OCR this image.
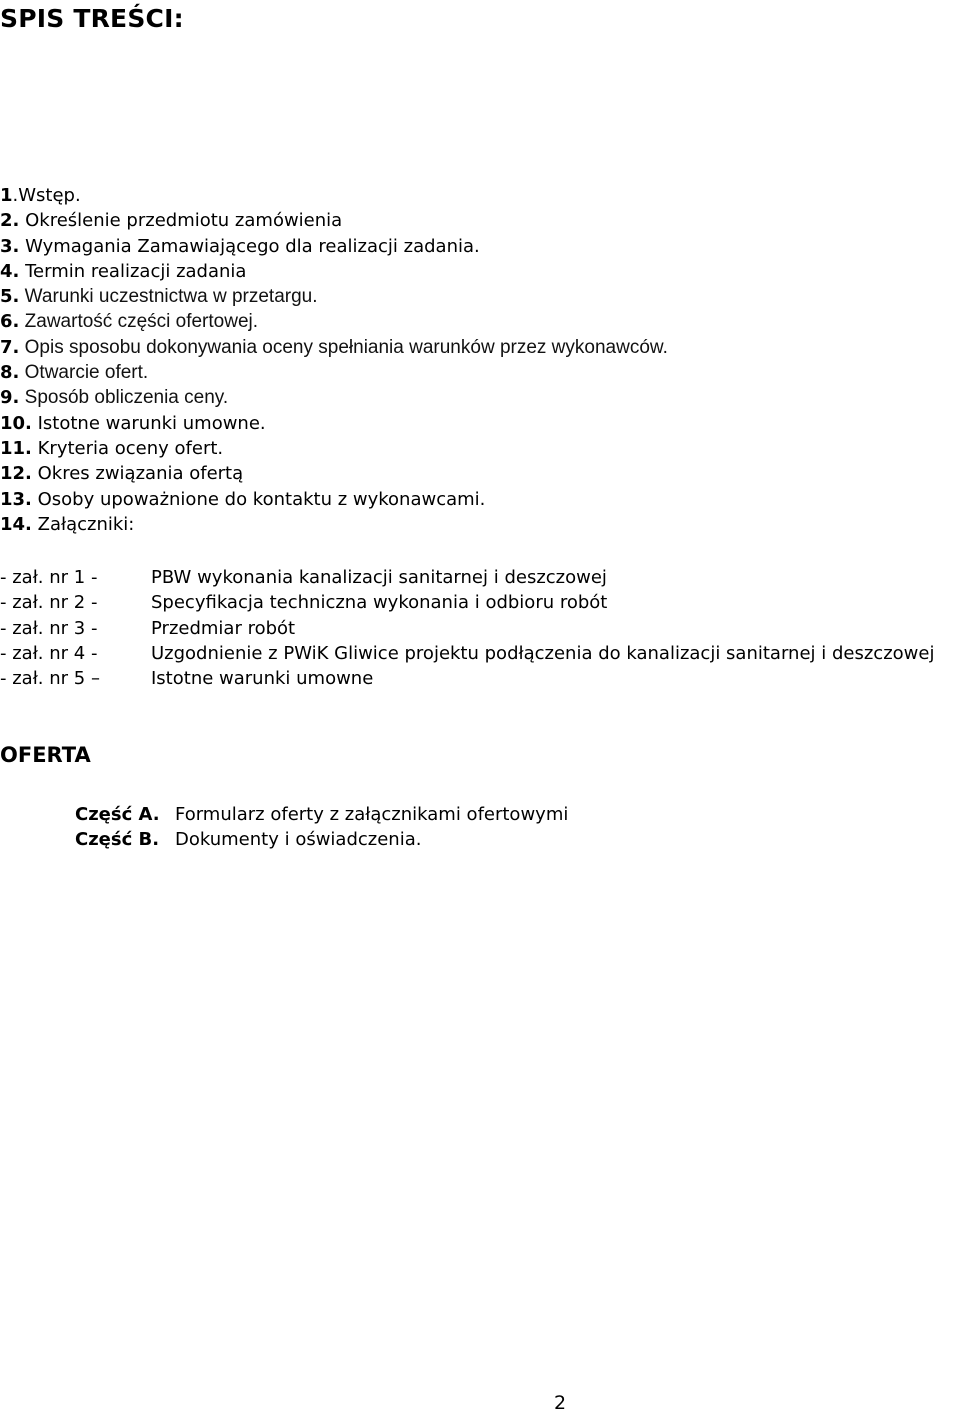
SPIS TREŚCI:
1.Wstęp.
2. Określenie przedmiotu zamówienia
3. Wymagania Zamawiającego dla realizacji zadania.
4. Termin realizacji zadania
5. Warunki uczestnictwa w przetargu.
6. Zawartość części ofertowej.
7. Opis sposobu dokonywania oceny spełniania warunków przez wykonawców.
8. Otwarcie ofert.
9. Sposób obliczenia ceny.
10. Istotne warunki umowne.
11. Kryteria oceny ofert.
12. Okres związania ofertą
13. Osoby upoważnione do kontaktu z wykonawcami.
14. Załączniki:
- zał. nr 1 -	PBW wykonania kanalizacji sanitarnej i deszczowej
- zał. nr 2 -	Specyfikacja techniczna wykonania i odbioru robót
- zał. nr 3 -	Przedmiar robót
- zał. nr 4 -	Uzgodnienie z PWiK Gliwice projektu podłączenia do kanalizacji sanitarnej i deszczowej
- zał. nr 5 –	Istotne warunki umowne
OFERTA
Część A. Formularz oferty z załącznikami ofertowymi
Część B. Dokumenty i oświadczenia.
2
